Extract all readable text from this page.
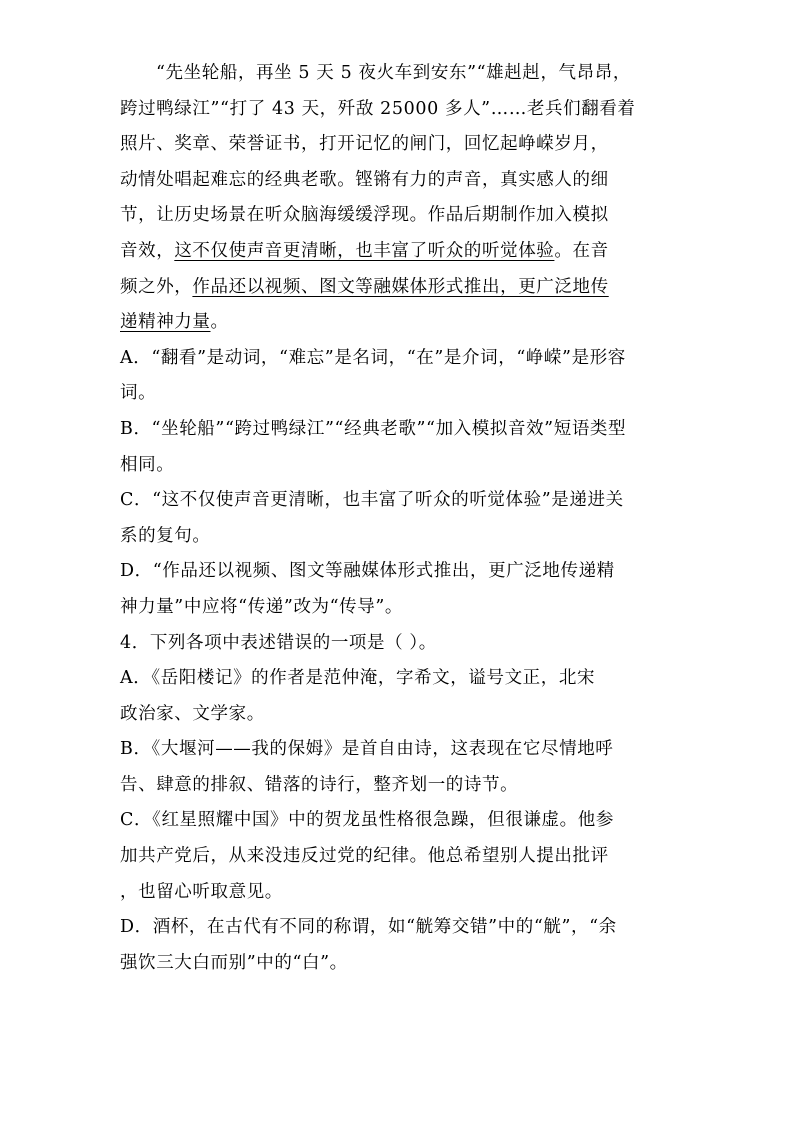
“先坐轮船，再坐 5 天 5 夜火车到安东”“雄赳赳，气昂昂，
跨过鸭绿江”“打了 43 天，歼敌 25000 多人”……老兵们翻看着
照片、奖章、荣誉证书，打开记忆的闸门，回忆起峥嵘岁月，
动情处唱起难忘的经典老歌。铿锵有力的声音，真实感人的细
节，让历史场景在听众脑海缓缓浮现。作品后期制作加入模拟
音效，这不仅使声音更清晰，也丰富了听众的听觉体验。在音
频之外，作品还以视频、图文等融媒体形式推出，更广泛地传
递精神力量。
A．“翻看”是动词，“难忘”是名词，“在”是介词，“峥嵘”是形容
词。
B．“坐轮船”“跨过鸭绿江”“经典老歌”“加入模拟音效”短语类型
相同。
C．“这不仅使声音更清晰，也丰富了听众的听觉体验”是递进关
系的复句。
D．“作品还以视频、图文等融媒体形式推出，更广泛地传递精
神力量”中应将“传递”改为“传导”。
4．下列各项中表述错误的一项是（ ）。
A．《岳阳楼记》的作者是范仲淹，字希文，谥号文正，北宋
政治家、文学家。
B．《大堰河——我的保姆》是首自由诗，这表现在它尽情地呼
告、肆意的排叙、错落的诗行，整齐划一的诗节。
C．《红星照耀中国》中的贺龙虽性格很急躁，但很谦虚。他参
加共产党后，从来没违反过党的纪律。他总希望别人提出批评
，也留心听取意见。
D．酒杯，在古代有不同的称谓，如“觥筹交错”中的“觥”，“余
强饮三大白而别”中的“白”。
